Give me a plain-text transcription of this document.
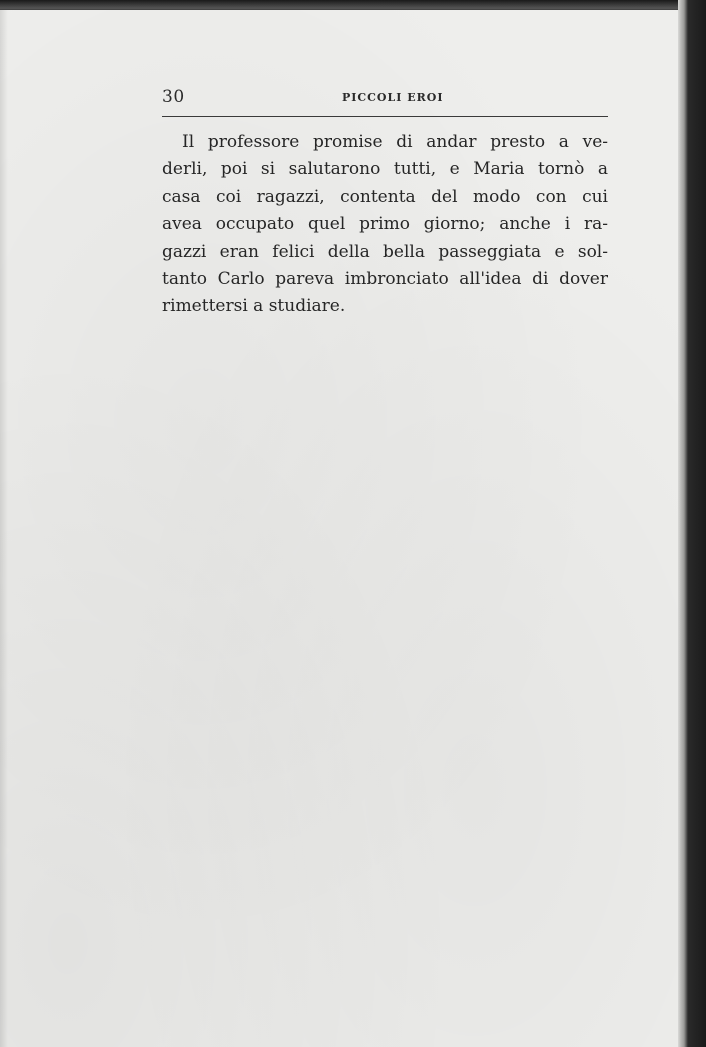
30	PICCOLI EROI
Il professore promise di andar presto a ve-
derli, poi si salutarono tutti, e Maria tornò a
casa coi ragazzi, contenta del modo con cui
avea occupato quel primo giorno; anche i ra-
gazzi eran felici della bella passeggiata e sol-
tanto Carlo pareva imbronciato all'idea di dover
rimettersi a studiare.
